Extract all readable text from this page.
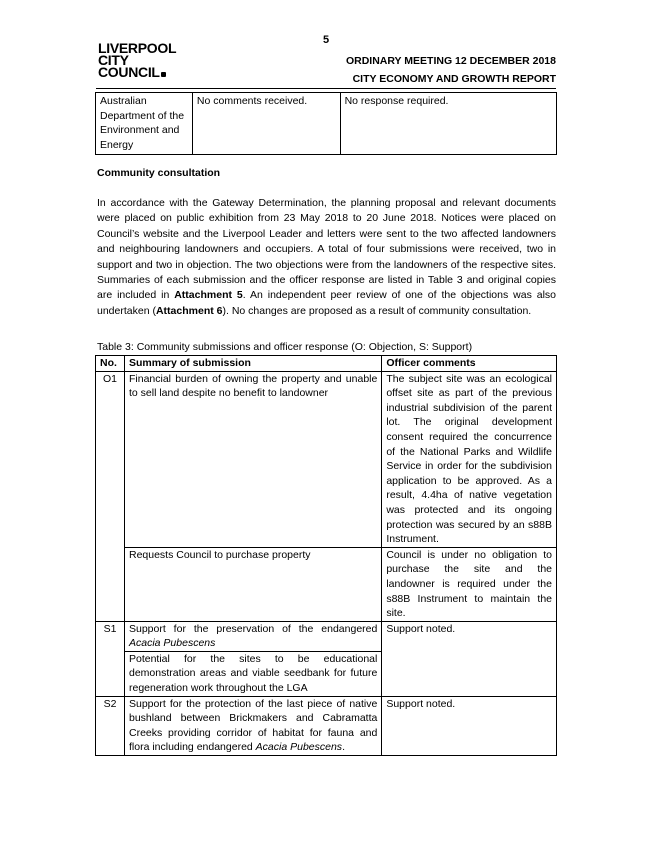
5
LIVERPOOL
CITY
COUNCIL
ORDINARY MEETING 12 DECEMBER 2018
CITY ECONOMY AND GROWTH REPORT
Australian Department of the Environment and Energy	No comments received.	No response required.
Community consultation

In accordance with the Gateway Determination, the planning proposal and relevant documents were placed on public exhibition from 23 May 2018 to 20 June 2018. Notices were placed on Council’s website and the Liverpool Leader and letters were sent to the two affected landowners and neighbouring landowners and occupiers. A total of four submissions were received, two in support and two in objection. The two objections were from the landowners of the respective sites. Summaries of each submission and the officer response are listed in Table 3 and original copies are included in Attachment 5. An independent peer review of one of the objections was also undertaken (Attachment 6). No changes are proposed as a result of community consultation.

Table 3: Community submissions and officer response (O: Objection, S: Support)
No.	Summary of submission	Officer comments
O1	Financial burden of owning the property and unable to sell land despite no benefit to landowner	The subject site was an ecological offset site as part of the previous industrial subdivision of the parent lot. The original development consent required the concurrence of the National Parks and Wildlife Service in order for the subdivision application to be approved. As a result, 4.4ha of native vegetation was protected and its ongoing protection was secured by an s88B Instrument.
	Requests Council to purchase property	Council is under no obligation to purchase the site and the landowner is required under the s88B Instrument to maintain the site.
S1	Support for the preservation of the endangered Acacia Pubescens	Support noted.
	Potential for the sites to be educational demonstration areas and viable seedbank for future regeneration work throughout the LGA	
S2	Support for the protection of the last piece of native bushland between Brickmakers and Cabramatta Creeks providing corridor of habitat for fauna and flora including endangered Acacia Pubescens.	Support noted.
